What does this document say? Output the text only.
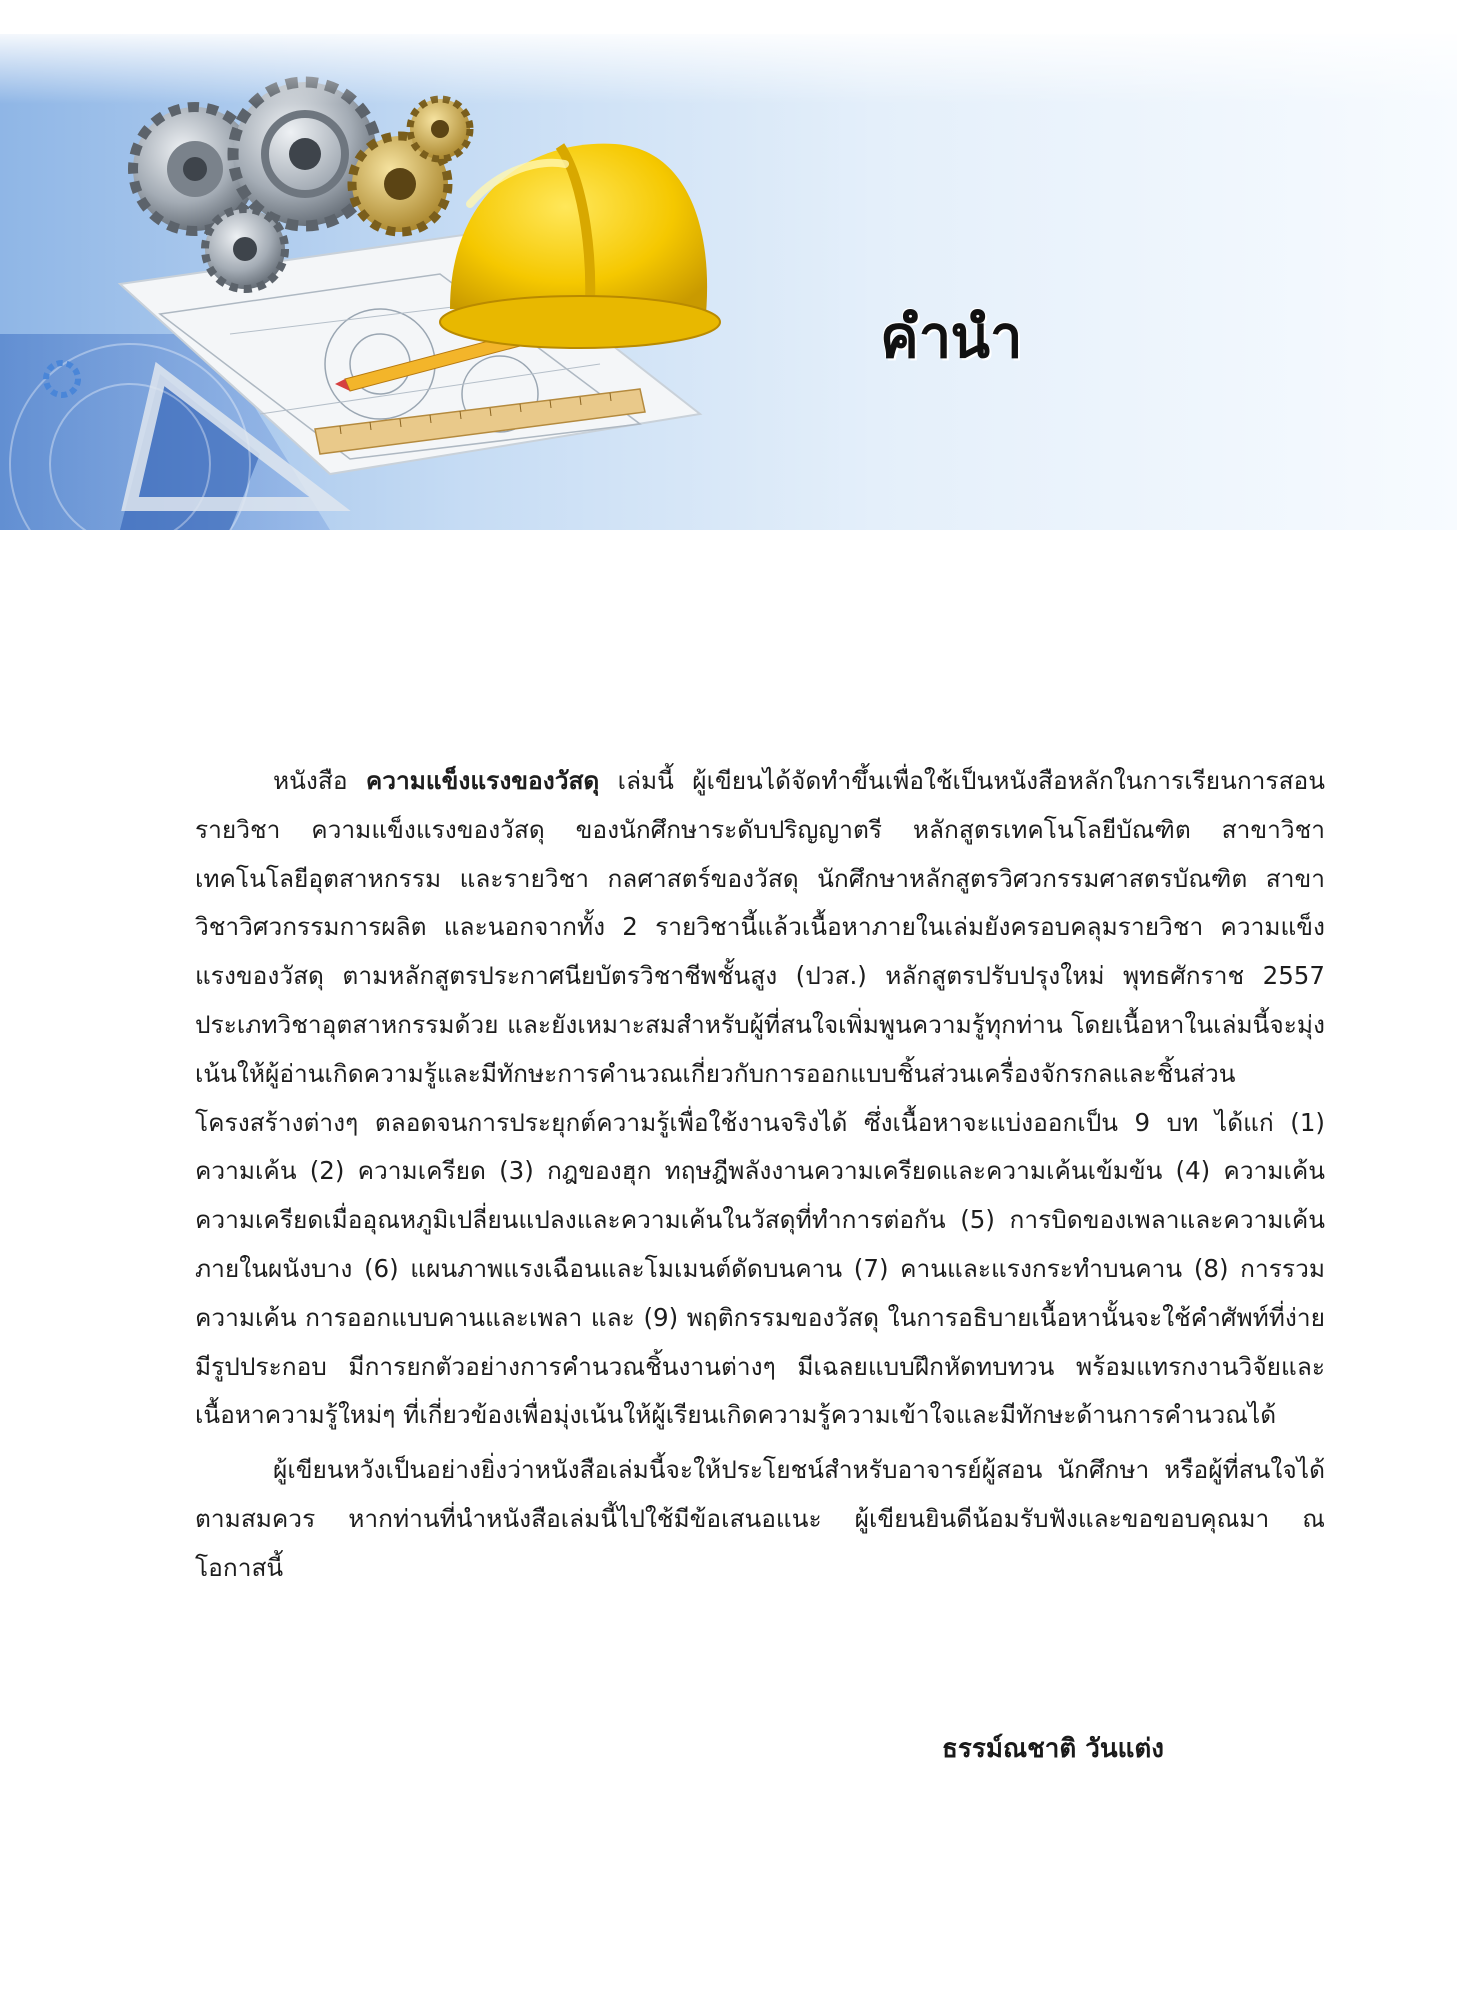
คำนำ

หนังสือ ความแข็งแรงของวัสดุ เล่มนี้ ผู้เขียนได้จัดทำขึ้นเพื่อใช้เป็นหนังสือหลักในการเรียนการสอนรายวิชา ความแข็งแรงของวัสดุ ของนักศึกษาระดับปริญญาตรี หลักสูตรเทคโนโลยีบัณฑิต สาขาวิชาเทคโนโลยีอุตสาหกรรม และรายวิชา กลศาสตร์ของวัสดุ นักศึกษาหลักสูตรวิศวกรรมศาสตรบัณฑิต สาขาวิชาวิศวกรรมการผลิต และนอกจากทั้ง 2 รายวิชานี้แล้วเนื้อหาภายในเล่มยังครอบคลุมรายวิชา ความแข็งแรงของวัสดุ ตามหลักสูตรประกาศนียบัตรวิชาชีพชั้นสูง (ปวส.) หลักสูตรปรับปรุงใหม่ พุทธศักราช 2557 ประเภทวิชาอุตสาหกรรมด้วย และยังเหมาะสมสำหรับผู้ที่สนใจเพิ่มพูนความรู้ทุกท่าน โดยเนื้อหาในเล่มนี้จะมุ่งเน้นให้ผู้อ่านเกิดความรู้และมีทักษะการคำนวณเกี่ยวกับการออกแบบชิ้นส่วนเครื่องจักรกลและชิ้นส่วนโครงสร้างต่างๆ ตลอดจนการประยุกต์ความรู้เพื่อใช้งานจริงได้ ซึ่งเนื้อหาจะแบ่งออกเป็น 9 บท ได้แก่ (1) ความเค้น (2) ความเครียด (3) กฎของฮุก ทฤษฎีพลังงานความเครียดและความเค้นเข้มข้น (4) ความเค้นความเครียดเมื่ออุณหภูมิเปลี่ยนแปลงและความเค้นในวัสดุที่ทำการต่อกัน (5) การบิดของเพลาและความเค้นภายในผนังบาง (6) แผนภาพแรงเฉือนและโมเมนต์ดัดบนคาน (7) คานและแรงกระทำบนคาน (8) การรวมความเค้น การออกแบบคานและเพลา และ (9) พฤติกรรมของวัสดุ ในการอธิบายเนื้อหานั้นจะใช้คำศัพท์ที่ง่าย มีรูปประกอบ มีการยกตัวอย่างการคำนวณชิ้นงานต่างๆ มีเฉลยแบบฝึกหัดทบทวน พร้อมแทรกงานวิจัยและเนื้อหาความรู้ใหม่ๆ ที่เกี่ยวข้องเพื่อมุ่งเน้นให้ผู้เรียนเกิดความรู้ความเข้าใจและมีทักษะด้านการคำนวณได้

ผู้เขียนหวังเป็นอย่างยิ่งว่าหนังสือเล่มนี้จะให้ประโยชน์สำหรับอาจารย์ผู้สอน นักศึกษา หรือผู้ที่สนใจได้ตามสมควร หากท่านที่นำหนังสือเล่มนี้ไปใช้มีข้อเสนอแนะ ผู้เขียนยินดีน้อมรับฟังและขอขอบคุณมา ณ โอกาสนี้

ธรรม์ณชาติ วันแต่ง
